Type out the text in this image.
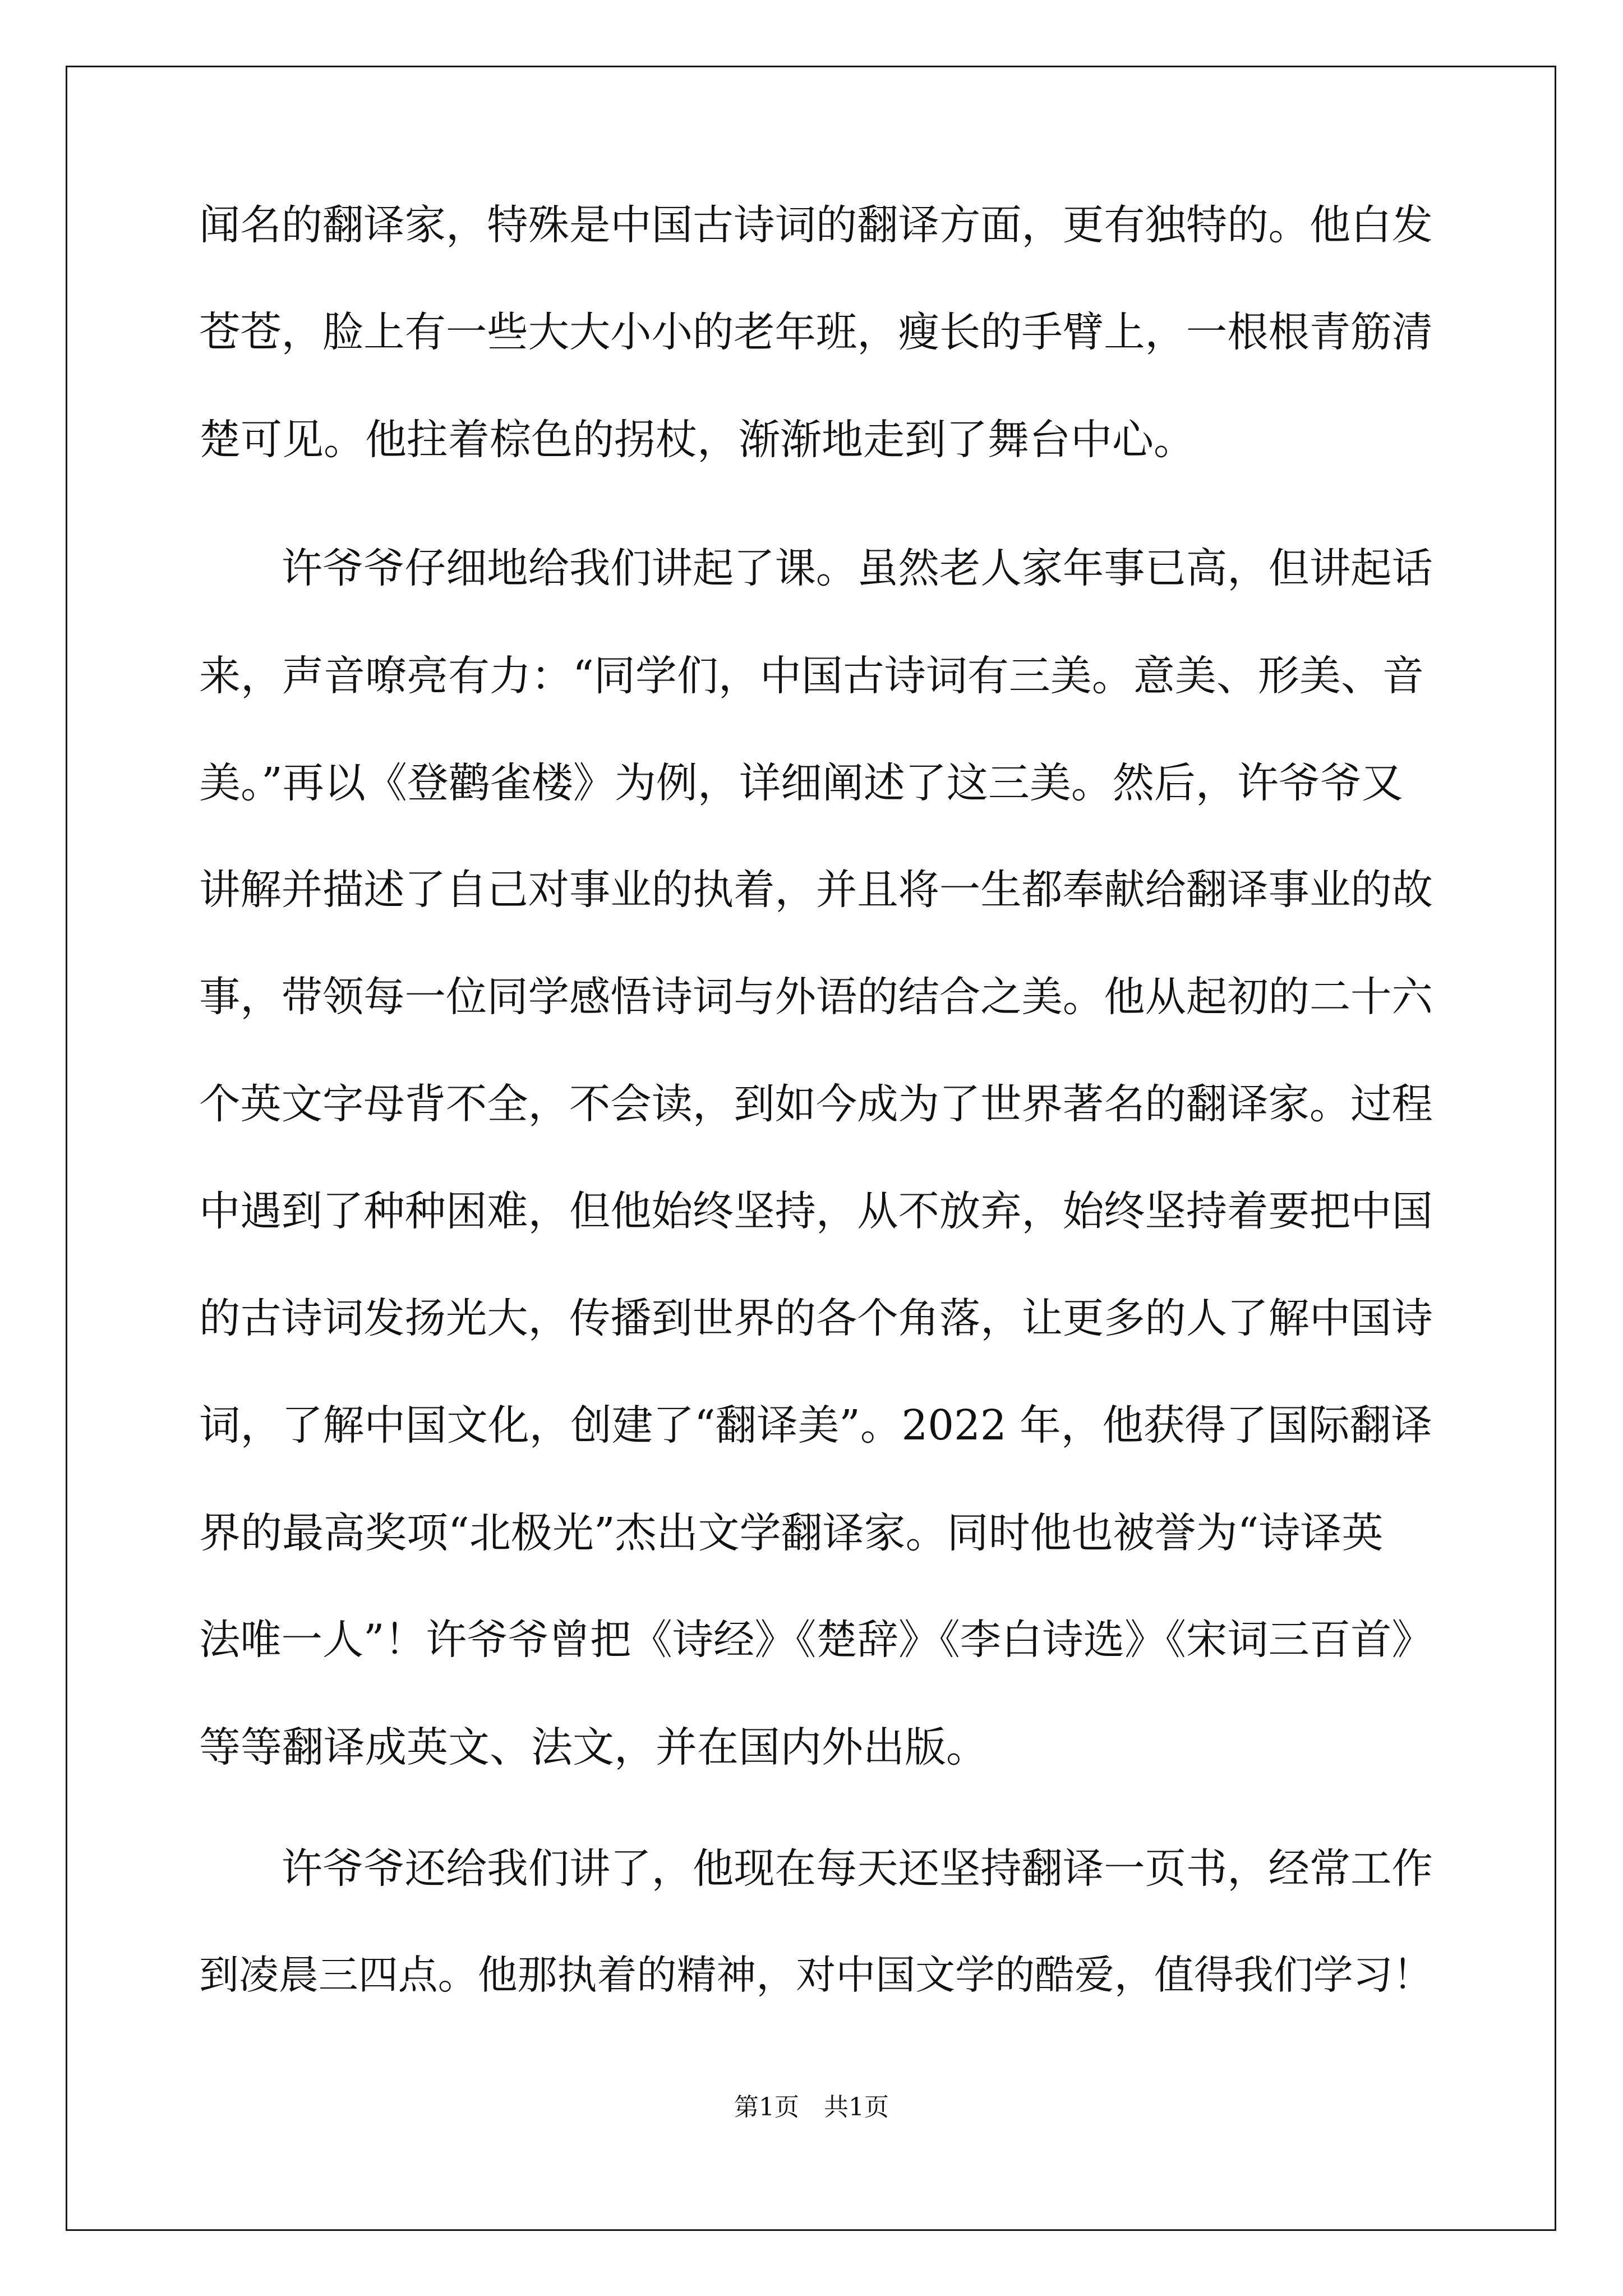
闻名的翻译家，特殊是中国古诗词的翻译方面，更有独特的。他白发
苍苍，脸上有一些大大小小的老年班，瘦长的手臂上，一根根青筋清
楚可见。他拄着棕色的拐杖，渐渐地走到了舞台中心。
　　许爷爷仔细地给我们讲起了课。虽然老人家年事已高，但讲起话
来，声音嘹亮有力：“同学们，中国古诗词有三美。意美、形美、音
美。”再以《登鹳雀楼》为例，详细阐述了这三美。然后，许爷爷又
讲解并描述了自己对事业的执着，并且将一生都奉献给翻译事业的故
事，带领每一位同学感悟诗词与外语的结合之美。他从起初的二十六
个英文字母背不全，不会读，到如今成为了世界著名的翻译家。过程
中遇到了种种困难，但他始终坚持，从不放弃，始终坚持着要把中国
的古诗词发扬光大，传播到世界的各个角落，让更多的人了解中国诗
词，了解中国文化，创建了“翻译美”。2022 年，他获得了国际翻译
界的最高奖项“北极光”杰出文学翻译家。同时他也被誉为“诗译英
法唯一人”！许爷爷曾把《诗经》《楚辞》《李白诗选》《宋词三百首》
等等翻译成英文、法文，并在国内外出版。
　　许爷爷还给我们讲了，他现在每天还坚持翻译一页书，经常工作
到凌晨三四点。他那执着的精神，对中国文学的酷爱，值得我们学习！
第1页　共1页
